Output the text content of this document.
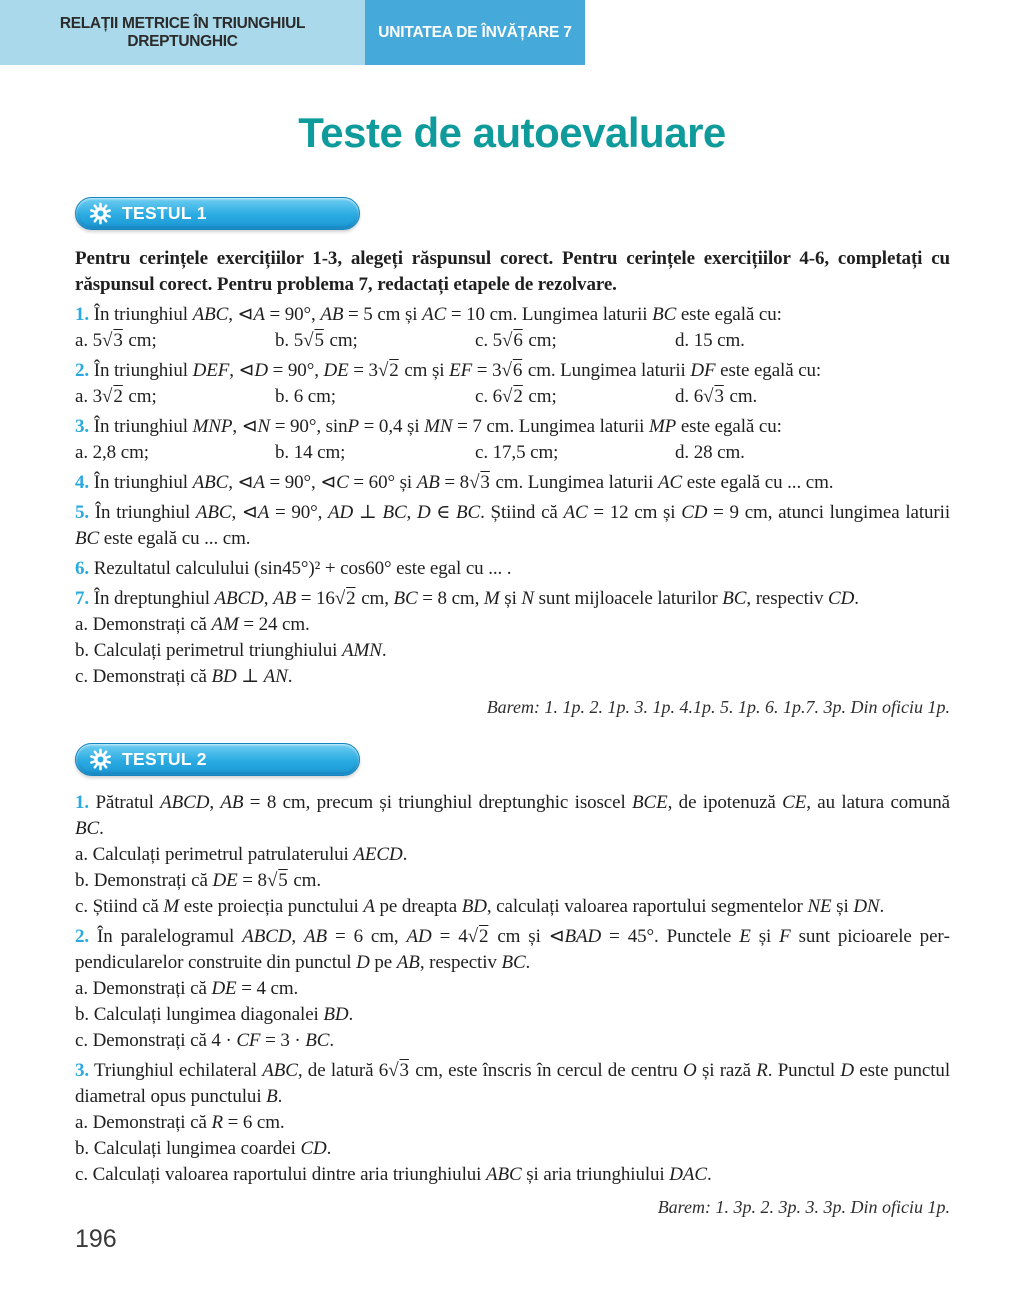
RELAȚII METRICE ÎN TRIUNGHIUL DREPTUNGHIC
UNITATEA DE ÎNVĂȚARE 7
Teste de autoevaluare
TESTUL 1

Pentru cerințele exercițiilor 1-3, alegeți răspunsul corect. Pentru cerințele exercițiilor 4-6, completați cu răspunsul corect. Pentru problema 7, redactați etapele de rezolvare.

1. În triunghiul ABC, ⊲A = 90°, AB = 5 cm și AC = 10 cm. Lungimea laturii BC este egală cu:

a. 5√3 cm;	b. 5√5 cm;	c. 5√6 cm;	d. 15 cm.

2. În triunghiul DEF, ⊲D = 90°, DE = 3√2 cm și EF = 3√6 cm. Lungimea laturii DF este egală cu:

a. 3√2 cm;	b. 6 cm;	c. 6√2 cm;	d. 6√3 cm.

3. În triunghiul MNP, ⊲N = 90°, sinP = 0,4 și MN = 7 cm. Lungimea laturii MP este egală cu:

a. 2,8 cm;	b. 14 cm;	c. 17,5 cm;	d. 28 cm.

4. În triunghiul ABC, ⊲A = 90°, ⊲C = 60° și AB = 8√3 cm. Lungimea laturii AC este egală cu ... cm.

5. În triunghiul ABC, ⊲A = 90°, AD ⊥ BC, D ∈ BC. Știind că AC = 12 cm și CD = 9 cm, atunci lungimea laturii BC este egală cu ... cm.

6. Rezultatul calculului (sin45°)² + cos60° este egal cu ... .

7. În dreptunghiul ABCD, AB = 16√2 cm, BC = 8 cm, M și N sunt mijloacele laturilor BC, respectiv CD.

a. Demonstrați că AM = 24 cm.

b. Calculați perimetrul triunghiului AMN.

c. Demonstrați că BD ⊥ AN.

Barem: 1. 1p. 2. 1p. 3. 1p. 4.1p. 5. 1p. 6. 1p.7. 3p. Din oficiu 1p.

TESTUL 2

1. Pătratul ABCD, AB = 8 cm, precum și triunghiul dreptunghic isoscel BCE, de ipotenuză CE, au latura comună BC.

a. Calculați perimetrul patrulaterului AECD.

b. Demonstrați că DE = 8√5 cm.

c. Știind că M este proiecția punctului A pe dreapta BD, calculați valoarea raportului segmentelor NE și DN.

2. În paralelogramul ABCD, AB = 6 cm, AD = 4√2 cm și ⊲BAD = 45°. Punctele E și F sunt picioarele perpendicularelor construite din punctul D pe AB, respectiv BC.

a. Demonstrați că DE = 4 cm.

b. Calculați lungimea diagonalei BD.

c. Demonstrați că 4 · CF = 3 · BC.

3. Triunghiul echilateral ABC, de latură 6√3 cm, este înscris în cercul de centru O și rază R. Punctul D este punctul diametral opus punctului B.

a. Demonstrați că R = 6 cm.

b. Calculați lungimea coardei CD.

c. Calculați valoarea raportului dintre aria triunghiului ABC și aria triunghiului DAC.

Barem: 1. 3p. 2. 3p. 3. 3p. Din oficiu 1p.

196
